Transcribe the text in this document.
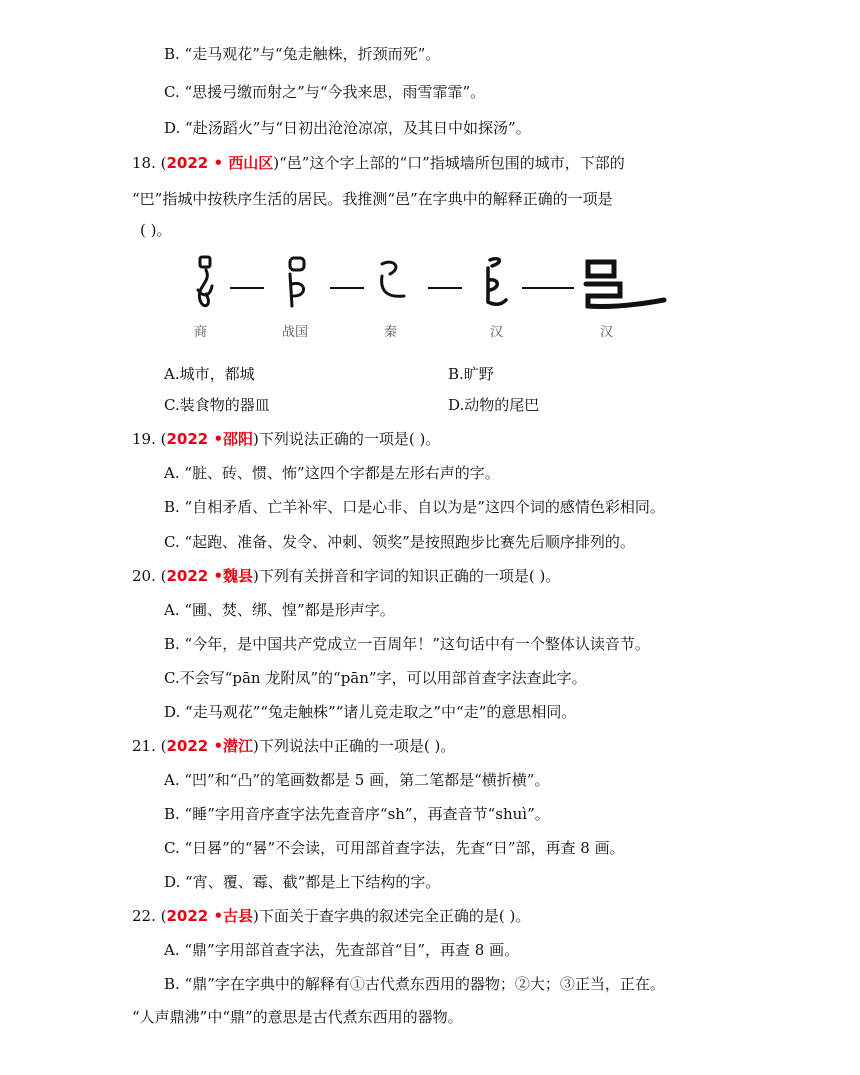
B. “走马观花”与“兔走触株，折颈而死”。
C. “思援弓缴而射之”与“今我来思，雨雪霏霏”。
D. “赴汤蹈火”与“日初出沧沧凉凉，及其日中如探汤”。
18. (2022 • 西山区)“邑”这个字上部的“口”指城墙所包围的城市，下部的
“巴”指城中按秩序生活的居民。我推测“邑”在字典中的解释正确的一项是
( )。
商	战国	秦	汉	汉
A.城市，都城	B.旷野
C.装食物的器皿	D.动物的尾巴
19. (2022 •邵阳)下列说法正确的一项是( )。
A. “脏、砖、惯、怖”这四个字都是左形右声的字。
B. “自相矛盾、亡羊补牢、口是心非、自以为是”这四个词的感情色彩相同。
C. “起跑、准备、发令、冲刺、领奖”是按照跑步比赛先后顺序排列的。
20. (2022 •魏县)下列有关拼音和字词的知识正确的一项是( )。
A. “圃、焚、绑、惶”都是形声字。
B. “今年，是中国共产党成立一百周年！”这句话中有一个整体认读音节。
C.不会写“pān 龙附凤”的“pān”字，可以用部首查字法查此字。
D. “走马观花”“兔走触株”“诸儿竞走取之”中“走”的意思相同。
21. (2022 •潜江)下列说法中正确的一项是( )。
A. “凹”和“凸”的笔画数都是 5 画，第二笔都是“横折横”。
B. “睡”字用音序查字法先查音序“sh”，再查音节“shuì”。
C. “日晷”的“晷”不会读，可用部首查字法，先查“日”部，再查 8 画。
D. “宵、覆、霉、截”都是上下结构的字。
22. (2022 •古县)下面关于查字典的叙述完全正确的是( )。
A. “鼎”字用部首查字法，先查部首“目”，再查 8 画。
B. “鼎”字在字典中的解释有①古代煮东西用的器物；②大；③正当，正在。
“人声鼎沸”中“鼎”的意思是古代煮东西用的器物。
